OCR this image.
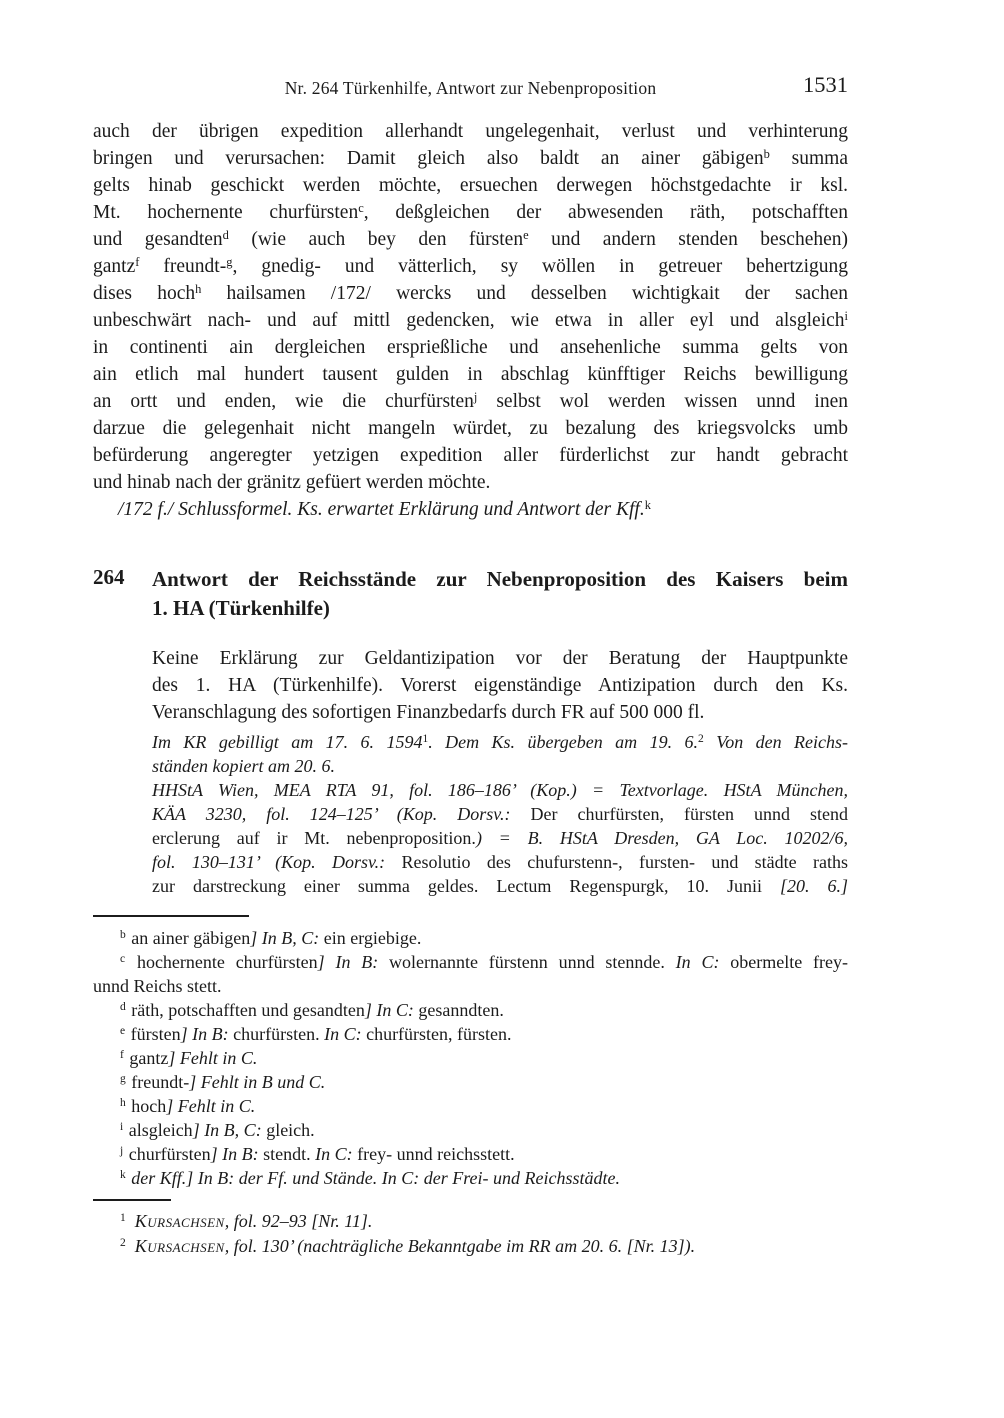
Nr. 264 Türkenhilfe, Antwort zur Nebenproposition	1531
auch der übrigen expedition allerhandt ungelegenhait, verlust und verhinterung
bringen und verursachen: Damit gleich also baldt an ainer gäbigen$^b$ summa
gelts hinab geschickt werden möchte, ersuechen derwegen höchstgedachte ir ksl.
Mt. hochernente churfürsten$^c$, deßgleichen der abwesenden räth, potschafften
und gesandten$^d$ (wie auch bey den fürsten$^e$ und andern stenden beschehen)
gantz$^f$ freundt-$^g$, gnedig- und vätterlich, sy wöllen in getreuer behertzigung
dises hoch$^h$ hailsamen /172/ wercks und desselben wichtigkait der sachen
unbeschwärt nach- und auf mittl gedencken, wie etwa in aller eyl und alsgleich$^i$
in continenti ain dergleichen ersprießliche und ansehenliche summa gelts von
ain etlich mal hundert tausent gulden in abschlag künfftiger Reichs bewilligung
an ortt und enden, wie die churfürsten$^j$ selbst wol werden wissen unnd inen
darzue die gelegenhait nicht mangeln würdet, zu bezalung des kriegsvolcks umb
befürderung angeregter yetzigen expedition aller fürderlichst zur handt gebracht
und hinab nach der gränitz gefüert werden möchte.
/172 f./ Schlussformel. Ks. erwartet Erklärung und Antwort der Kff.$^k$
264	Antwort der Reichsstände zur Nebenproposition des Kaisers beim
1. HA (Türkenhilfe)
Keine Erklärung zur Geldantizipation vor der Beratung der Hauptpunkte
des 1. HA (Türkenhilfe). Vorerst eigenständige Antizipation durch den Ks.
Veranschlagung des sofortigen Finanzbedarfs durch FR auf 500 000 fl.
Im KR gebilligt am 17. 6. 1594$^1$. Dem Ks. übergeben am 19. 6.$^2$ Von den Reichs-
ständen kopiert am 20. 6.
HHStA Wien, MEA RTA 91, fol. 186–186’ (Kop.) = Textvorlage. HStA München,
KÄA 3230, fol. 124–125’ (Kop. Dorsv.: Der churfürsten, fürsten unnd stend
erclerung auf ir Mt. nebenproposition.) = B. HStA Dresden, GA Loc. 10202/6,
fol. 130–131’ (Kop. Dorsv.: Resolutio des chufurstenn-, fursten- und städte raths
zur darstreckung einer summa geldes. Lectum Regenspurgk, 10. Junii [20. 6.]
$^b$ an ainer gäbigen] In B, C: ein ergiebige.
$^c$ hochernente churfürsten] In B: wolernannte fürstenn unnd stennde. In C: obermelte frey-
unnd Reichs stett.
$^d$ räth, potschafften und gesandten] In C: gesanndten.
$^e$ fürsten] In B: churfürsten. In C: churfürsten, fürsten.
$^f$ gantz] Fehlt in C.
$^g$ freundt-] Fehlt in B und C.
$^h$ hoch] Fehlt in C.
$^i$ alsgleich] In B, C: gleich.
$^j$ churfürsten] In B: stendt. In C: frey- unnd reichsstett.
$^k$ der Kff.] In B: der Ff. und Stände. In C: der Frei- und Reichsstädte.
$^1$ Kursachsen, fol. 92–93 [Nr. 11].
$^2$ Kursachsen, fol. 130’ (nachträgliche Bekanntgabe im RR am 20. 6. [Nr. 13]).
